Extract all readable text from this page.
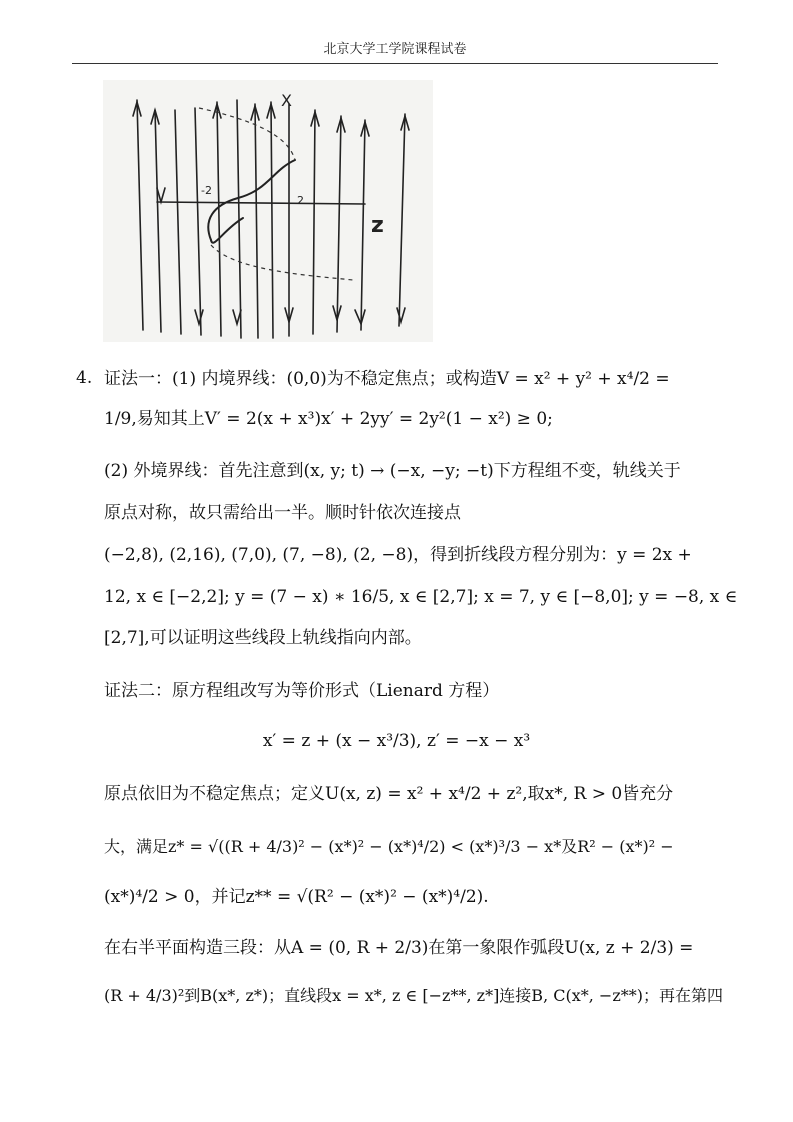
北京大学工学院课程试卷
X
z
-2
2
4. 证法一：(1) 内境界线：(0,0)为不稳定焦点；或构造V = x² + y² + x⁴/2 =
1/9,易知其上V′ = 2(x + x³)x′ + 2yy′ = 2y²(1 − x²) ≥ 0;
(2) 外境界线：首先注意到(x, y; t) → (−x, −y; −t)下方程组不变，轨线关于
原点对称，故只需给出一半。顺时针依次连接点
(−2,8), (2,16), (7,0), (7, −8), (2, −8)，得到折线段方程分别为：y = 2x +
12, x ∈ [−2,2]; y = (7 − x) ∗ 16/5, x ∈ [2,7]; x = 7, y ∈ [−8,0]; y = −8, x ∈
[2,7],可以证明这些线段上轨线指向内部。
证法二：原方程组改写为等价形式（Lienard 方程）
x′ = z + (x − x³/3), z′ = −x − x³
原点依旧为不稳定焦点；定义U(x, z) = x² + x⁴/2 + z²,取x*, R > 0皆充分
大，满足z* = √((R + 4/3)² − (x*)² − (x*)⁴/2) < (x*)³/3 − x*及R² − (x*)² −
(x*)⁴/2 > 0，并记z** = √(R² − (x*)² − (x*)⁴/2).
在右半平面构造三段：从A = (0, R + 2/3)在第一象限作弧段U(x, z + 2/3) =
(R + 4/3)²到B(x*, z*)；直线段x = x*, z ∈ [−z**, z*]连接B, C(x*, −z**)；再在第四
